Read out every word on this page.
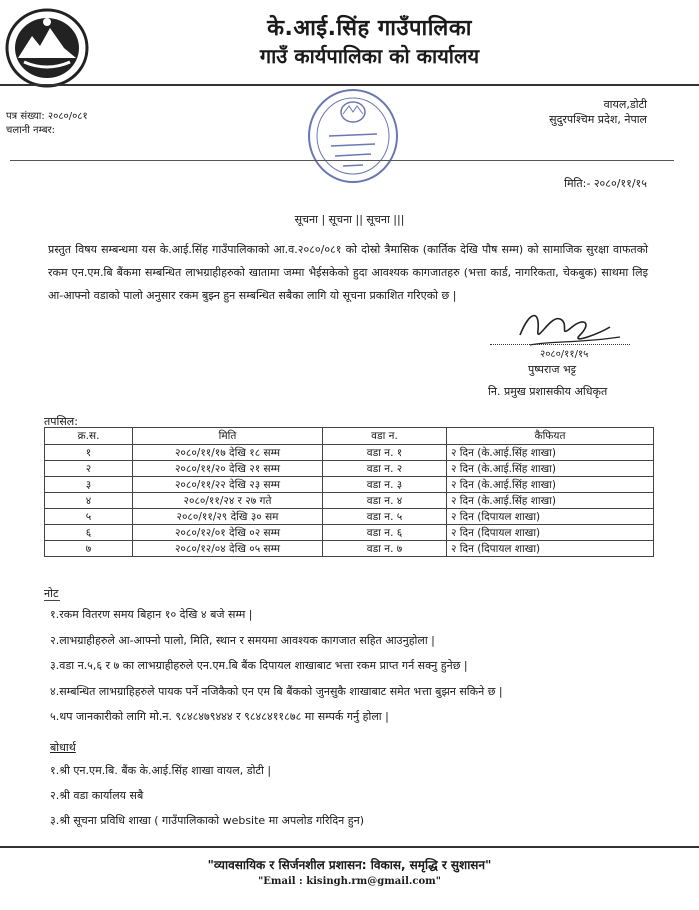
के.आई.सिंह गाउँपालिका
गाउँ कार्यपालिका को कार्यालय
पत्र संख्या: २०८०/०८१
चलानी नम्बर:
वायल,डोटी
सुदुरपश्चिम प्रदेश, नेपाल
मिति:- २०८०/११/१५
सूचना | सूचना || सूचना |||
प्रस्तुत विषय सम्बन्धमा यस के.आई.सिंह गाउँपालिकाको आ.व.२०८०/०८१ को दोस्रो त्रैमासिक (कार्तिक देखि पौष सम्म) को सामाजिक सुरक्षा वाफतको रकम एन.एम.बि बैंकमा सम्बन्धित लाभग्राहीहरुको खातामा जम्मा भैईसकेको हुदा आवश्यक कागजातहरु (भत्ता कार्ड, नागरिकता, चेकबुक) साथमा लिइ आ-आफ्नो वडाको पालो अनुसार रकम बुझ्न हुन सम्बन्धित सबैका लागि यो सूचना प्रकाशित गरिएको छ |
२०८०/११/१५
पुष्पराज भट्ट
नि. प्रमुख प्रशासकीय अधिकृत
तपसिल:
क्र.स.	मिति	वडा न.	कैफियत
१	२०८०/११/१७ देखि १८ सम्म	वडा न. १	२ दिन (के.आई.सिंह शाखा)
२	२०८०/११/२० देखि २१ सम्म	वडा न. २	२ दिन (के.आई.सिंह शाखा)
३	२०८०/११/२२ देखि २३ सम्म	वडा न. ३	२ दिन (के.आई.सिंह शाखा)
४	२०८०/११/२४ र २७ गते	वडा न. ४	२ दिन (के.आई.सिंह शाखा)
५	२०८०/११/२९ देखि ३० सम	वडा न. ५	२ दिन (दिपायल शाखा)
६	२०८०/१२/०१ देखि ०२ सम्म	वडा न. ६	२ दिन (दिपायल शाखा)
७	२०८०/१२/०४ देखि ०५ सम्म	वडा न. ७	२ दिन (दिपायल शाखा)
नोट
१.रकम वितरण समय बिहान १० देखि ४ बजे सम्म |
२.लाभग्राहीहरुले आ-आफ्नो पालो, मिति, स्थान र समयमा आवश्यक कागजात सहित आउनुहोला |
३.वडा न.५,६ र ७ का लाभग्राहीहरुले एन.एम.बि बैंक दिपायल शाखाबाट भत्ता रकम प्राप्त गर्न सक्नु हुनेछ |
४.सम्बन्धित लाभग्राहिहरुले पायक पर्ने नजिकैको एन एम बि बैंकको जुनसुकै शाखाबाट समेत भत्ता बुझन सकिने छ |
५.थप जानकारीको लागि मो.न. ९८४८४७९४४४ र ९८४८४११८७८ मा सम्पर्क गर्नु होला |
बोधार्थ
१.श्री एन.एम.बि. बैंक के.आई.सिंह शाखा वायल, डोटी |
२.श्री वडा कार्यालय सबै
३.श्री सूचना प्रविधि शाखा ( गाउँपालिकाको website मा अपलोड गरिदिन हुन)
"व्यावसायिक र सिर्जनशील प्रशासन: विकास, समृद्धि र सुशासन"
"Email : kisingh.rm@gmail.com"
